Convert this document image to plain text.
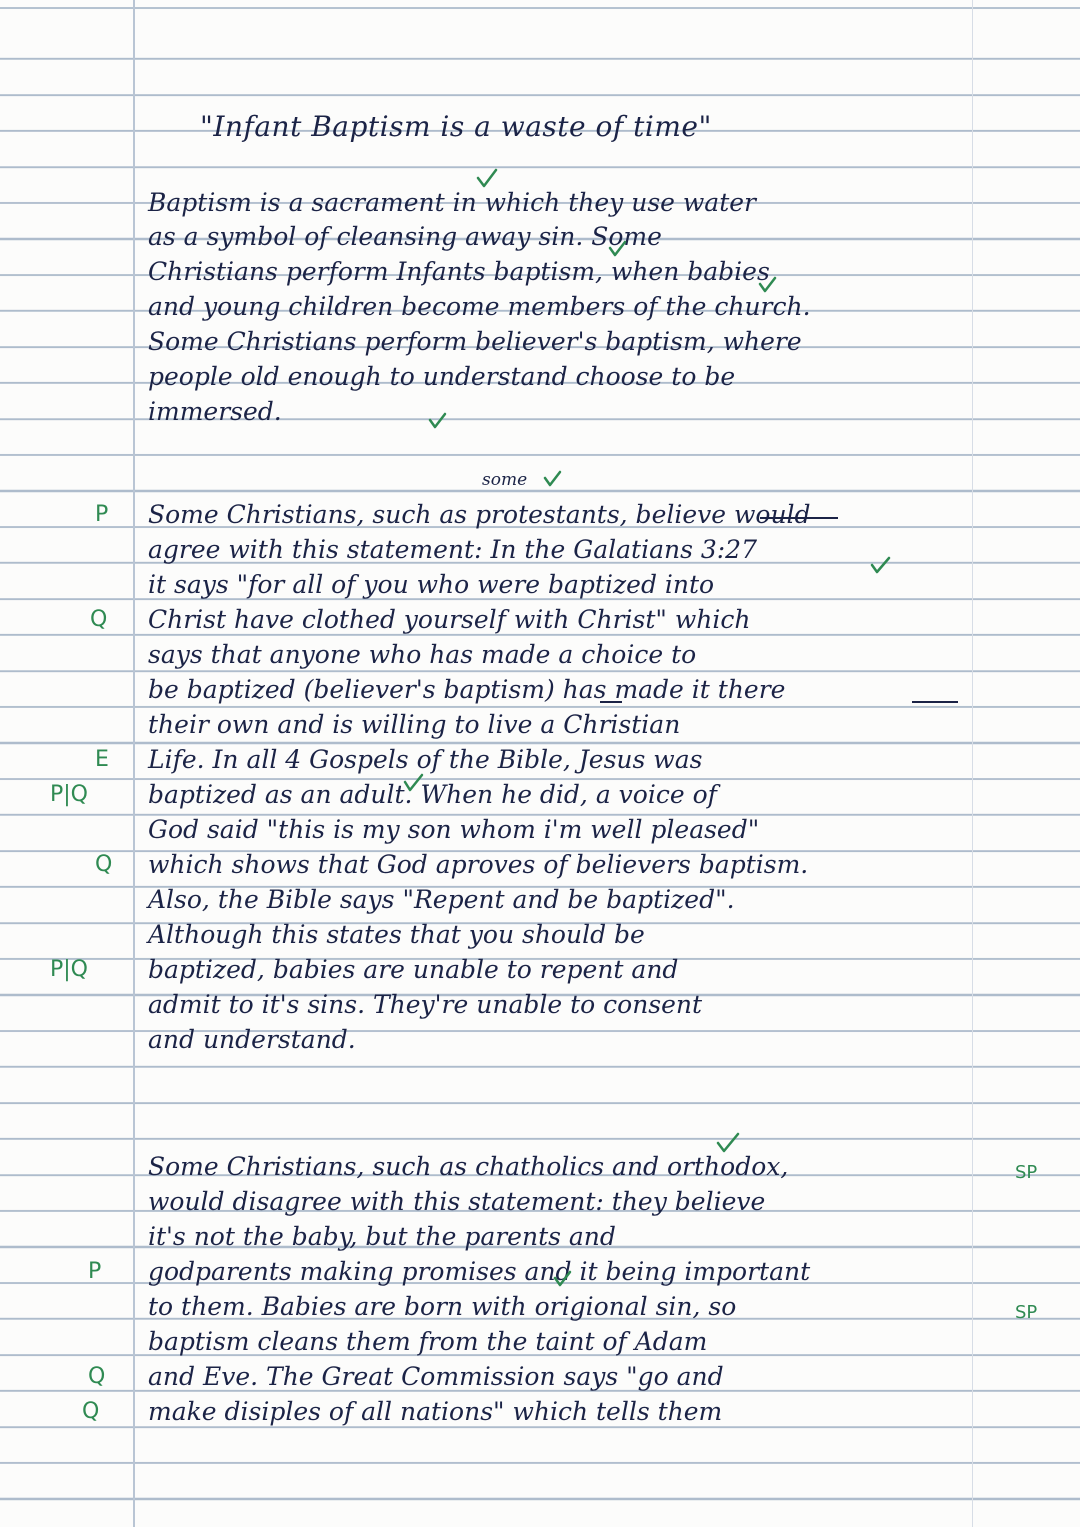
"Infant Baptism is a waste of time"
Baptism is a sacrament in which they use water
as a symbol of cleansing away sin. Some
Christians perform Infants baptism, when babies
and young children become members of the church.
Some Christians perform believer's baptism, where
people old enough to understand choose to be
immersed.
some
Some Christians, such as protestants, believe would
agree with this statement: In the Galatians 3:27
it says "for all of you who were baptized into
Christ have clothed yourself with Christ" which
says that anyone who has made a choice to
be baptized (believer's baptism) has made it there
their own and is willing to live a Christian
Life. In all 4 Gospels of the Bible, Jesus was
baptized as an adult. When he did, a voice of
God said "this is my son whom i'm well pleased"
which shows that God aproves of believers baptism.
Also, the Bible says "Repent and be baptized".
Although this states that you should be
baptized, babies are unable to repent and
admit to it's sins. They're unable to consent
and understand.
Some Christians, such as chatholics and orthodox,
would disagree with this statement: they believe
it's not the baby, but the parents and
godparents making promises and it being important
to them. Babies are born with origional sin, so
baptism cleans them from the taint of Adam
and Eve. The Great Commission says "go and
make disiples of all nations" which tells them
P
Q
E
P|Q
Q
P|Q
P
Q
Q
SP
SP
